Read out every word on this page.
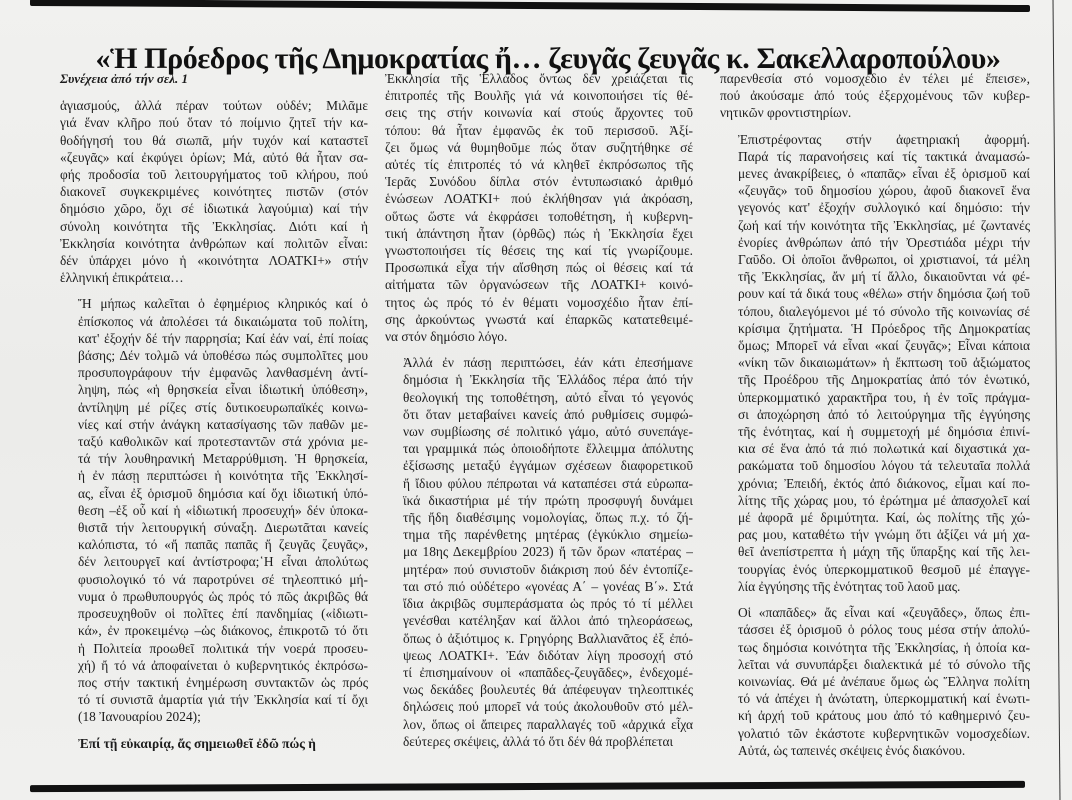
«Ἡ Πρόεδρος τῆς Δημοκρατίας ἤ… ζευγᾶς ζευγᾶς κ. Σακελλαροπούλου»
Συνέχεια ἀπό τήν σελ. 1
ἁγιασμούς, ἀλλά πέραν τούτων οὐδέν; Μιλᾶμε
γιά ἕναν κλῆρο πού ὅταν τό ποίμνιο ζητεῖ τήν κα-
θοδήγησή του θά σιωπᾶ, μήν τυχόν καί καταστεῖ
«ζευγᾶς» καί ἐκφύγει ὁρίων; Μά, αὐτό θά ἦταν σα-
φής προδοσία τοῦ λειτουργήματος τοῦ κλήρου, πού
διακονεῖ συγκεκριμένες κοινότητες πιστῶν (στόν
δημόσιο χῶρο, ὄχι σέ ἰδιωτικά λαγούμια) καί τήν
σύνολη κοινότητα τῆς Ἐκκλησίας. Διότι καί ἡ
Ἐκκλησία κοινότητα ἀνθρώπων καί πολιτῶν εἶναι:
δέν ὑπάρχει μόνο ἡ «κοινότητα ΛΟΑΤΚΙ+» στήν
ἑλληνική ἐπικράτεια…
Ἤ μήπως καλεῖται ὁ ἐφημέριος κληρικός καί ὁ
ἐπίσκοπος νά ἀπολέσει τά δικαιώματα τοῦ πολίτη,
κατ' ἐξοχήν δέ τήν παρρησία; Καί ἐάν ναί, ἐπί ποίας
βάσης; Δέν τολμῶ νά ὑποθέσω πώς συμπολῖτες μου
προσυπογράφουν τήν ἐμφανῶς λανθασμένη ἀντί-
ληψη, πώς «ἡ θρησκεία εἶναι ἰδιωτική ὑπόθεση»,
ἀντίληψη μέ ρίζες στίς δυτικοευρωπαϊκές κοινω-
νίες καί στήν ἀνάγκη κατασίγασης τῶν παθῶν με-
ταξύ καθολικῶν καί προτεσταντῶν στά χρόνια με-
τά τήν λουθηρανική Μεταρρύθμιση. Ἡ θρησκεία,
ἡ ἐν πάσῃ περιπτώσει ἡ κοινότητα τῆς Ἐκκλησί-
ας, εἶναι ἐξ ὁρισμοῦ δημόσια καί ὄχι ἰδιωτική ὑπό-
θεση –ἐξ οὗ καί ἡ «ἰδιωτική προσευχή» δέν ὑποκα-
θιστᾶ τήν λειτουργική σύναξη. Διερωτᾶται κανείς
καλόπιστα, τό «ἤ παπᾶς παπᾶς ἤ ζευγᾶς ζευγᾶς»,
δέν λειτουργεῖ καί ἀντίστροφα;῾Η εἶναι ἀπολύτως
φυσιολογικό τό νά παροτρύνει σέ τηλεοπτικό μή-
νυμα ὁ πρωθυπουργός ὡς πρός τό πῶς ἀκριβῶς θά
προσευχηθοῦν οἱ πολῖτες ἐπί πανδημίας («ἰδιωτι-
κά», ἐν προκειμένῳ –ὡς διάκονος, ἐπικροτῶ τό ὅτι
ἡ Πολιτεία προωθεῖ πολιτικά τήν νοερά προσευ-
χή) ἤ τό νά ἀποφαίνεται ὁ κυβερνητικός ἐκπρόσω-
πος στήν τακτική ἐνημέρωση συντακτῶν ὡς πρός
τό τί συνιστᾶ ἁμαρτία γιά τήν Ἐκκλησία καί τί ὄχι
(18 Ἰανουαρίου 2024);
Ἐπί τῇ εὐκαιρίᾳ, ἄς σημειωθεῖ ἐδῶ πώς ἡ
Ἐκκλησία τῆς Ἑλλάδος ὄντως δέν χρειάζεται τίς
ἐπιτροπές τῆς Βουλῆς γιά νά κοινοποιήσει τίς θέ-
σεις της στήν κοινωνία καί στούς ἄρχοντες τοῦ
τόπου: θά ἦταν ἐμφανῶς ἐκ τοῦ περισσοῦ. Ἀξί-
ζει ὅμως νά θυμηθοῦμε πώς ὅταν συζητήθηκε σέ
αὐτές τίς ἐπιτροπές τό νά κληθεῖ ἐκπρόσωπος τῆς
Ἱερᾶς Συνόδου δίπλα στόν ἐντυπωσιακό ἀριθμό
ἑνώσεων ΛΟΑΤΚΙ+ πού ἐκλήθησαν γιά ἀκρόαση,
οὕτως ὥστε νά ἐκφράσει τοποθέτηση, ἡ κυβερνη-
τική ἀπάντηση ἦταν (ὀρθῶς) πώς ἡ Ἐκκλησία ἔχει
γνωστοποιήσει τίς θέσεις της καί τίς γνωρίζουμε.
Προσωπικά εἶχα τήν αἴσθηση πώς οἱ θέσεις καί τά
αἰτήματα τῶν ὀργανώσεων τῆς ΛΟΑΤΚΙ+ κοινό-
τητος ὡς πρός τό ἐν θέματι νομοσχέδιο ἦταν ἐπί-
σης ἀρκούντως γνωστά καί ἐπαρκῶς κατατεθειμέ-
να στόν δημόσιο λόγο.
Ἀλλά ἐν πάσῃ περιπτώσει, ἐάν κάτι ἐπεσήμανε
δημόσια ἡ Ἐκκλησία τῆς Ἑλλάδος πέρα ἀπό τήν
θεολογική της τοποθέτηση, αὐτό εἶναι τό γεγονός
ὅτι ὅταν μεταβαίνει κανείς ἀπό ρυθμίσεις συμφώ-
νων συμβίωσης σέ πολιτικό γάμο, αὐτό συνεπάγε-
ται γραμμικά πώς ὁποιοδήποτε ἔλλειμμα ἀπόλυτης
ἐξίσωσης μεταξύ ἐγγάμων σχέσεων διαφορετικοῦ
ἤ ἴδιου φύλου πέπρωται νά καταπέσει στά εὐρωπα-
ϊκά δικαστήρια μέ τήν πρώτη προσφυγή δυνάμει
τῆς ἤδη διαθέσιμης νομολογίας, ὅπως π.χ. τό ζή-
τημα τῆς παρένθετης μητέρας (ἐγκύκλιο σημείω-
μα 18ης Δεκεμβρίου 2023) ἤ τῶν ὅρων «πατέρας –
μητέρα» πού συνιστοῦν διάκριση πού δέν ἐντοπίζε-
ται στό πιό οὐδέτερο «γονέας Α΄ – γονέας Β΄». Στά
ἴδια ἀκριβῶς συμπεράσματα ὡς πρός τό τί μέλλει
γενέσθαι κατέληξαν καί ἄλλοι ἀπό τηλεοράσεως,
ὅπως ὁ ἀξιότιμος κ. Γρηγόρης Βαλλιανᾶτος ἐξ ἐπό-
ψεως ΛΟΑΤΚΙ+. Ἐάν διδόταν λίγη προσοχή στό
τί ἐπισημαίνουν οἱ «παπᾶδες-ζευγᾶδες», ἐνδεχομέ-
νως δεκάδες βουλευτές θά ἀπέφευγαν τηλεοπτικές
δηλώσεις πού μπορεῖ νά τούς ἀκολουθοῦν στό μέλ-
λον, ὅπως οἱ ἄπειρες παραλλαγές τοῦ «ἀρχικά εἶχα
δεύτερες σκέψεις, ἀλλά τό ὅτι δέν θά προβλέπεται
παρενθεσία στό νομοσχέδιο ἐν τέλει μέ ἔπεισε»,
πού ἀκούσαμε ἀπό τούς ἐξερχομένους τῶν κυβερ-
νητικῶν φροντιστηρίων.
Ἐπιστρέφοντας στήν ἀφετηριακή ἀφορμή.
Παρά τίς παρανοήσεις καί τίς τακτικά ἀναμασώ-
μενες ἀνακρίβειες, ὁ «παπᾶς» εἶναι ἐξ ὁρισμοῦ καί
«ζευγᾶς» τοῦ δημοσίου χώρου, ἀφοῦ διακονεῖ ἕνα
γεγονός κατ' ἐξοχήν συλλογικό καί δημόσιο: τήν
ζωή καί τήν κοινότητα τῆς Ἐκκλησίας, μέ ζωντανές
ἐνορίες ἀνθρώπων ἀπό τήν Ὀρεστιάδα μέχρι τήν
Γαῦδο. Οἱ ὁποῖοι ἄνθρωποι, οἱ χριστιανοί, τά μέλη
τῆς Ἐκκλησίας, ἄν μή τί ἄλλο, δικαιοῦνται νά φέ-
ρουν καί τά δικά τους «θέλω» στήν δημόσια ζωή τοῦ
τόπου, διαλεγόμενοι μέ τό σύνολο τῆς κοινωνίας σέ
κρίσιμα ζητήματα. Ἡ Πρόεδρος τῆς Δημοκρατίας
ὅμως; Μπορεῖ νά εἶναι «καί ζευγᾶς»; Εἶναι κάποια
«νίκη τῶν δικαιωμάτων» ἡ ἔκπτωση τοῦ ἀξιώματος
τῆς Προέδρου τῆς Δημοκρατίας ἀπό τόν ἑνωτικό,
ὑπερκομματικό χαρακτῆρα του, ἡ ἐν τοῖς πράγμα-
σι ἀποχώρηση ἀπό τό λειτούργημα τῆς ἐγγύησης
τῆς ἑνότητας, καί ἡ συμμετοχή μέ δημόσια ἐπινί-
κια σέ ἕνα ἀπό τά πιό πολωτικά καί διχαστικά χα-
ρακώματα τοῦ δημοσίου λόγου τά τελευταῖα πολλά
χρόνια; Ἐπειδή, ἐκτός ἀπό διάκονος, εἶμαι καί πο-
λίτης τῆς χώρας μου, τό ἐρώτημα μέ ἀπασχολεῖ καί
μέ ἀφορᾶ μέ δριμύτητα. Καί, ὡς πολίτης τῆς χώ-
ρας μου, καταθέτω τήν γνώμη ὅτι ἀξίζει νά μή χα-
θεῖ ἀνεπίστρεπτα ἡ μάχη τῆς ὕπαρξης καί τῆς λει-
τουργίας ἑνός ὑπερκομματικοῦ θεσμοῦ μέ ἐπαγγε-
λία ἐγγύησης τῆς ἑνότητας τοῦ λαοῦ μας.
Οἱ «παπᾶδες» ἄς εἶναι καί «ζευγᾶδες», ὅπως ἐπι-
τάσσει ἐξ ὁρισμοῦ ὁ ρόλος τους μέσα στήν ἀπολύ-
τως δημόσια κοινότητα τῆς Ἐκκλησίας, ἡ ὁποία κα-
λεῖται νά συνυπάρξει διαλεκτικά μέ τό σύνολο τῆς
κοινωνίας. Θά μέ ἀνέπαυε ὅμως ὡς Ἕλληνα πολίτη
τό νά ἀπέχει ἡ ἀνώτατη, ὑπερκομματική καί ἑνωτι-
κή ἀρχή τοῦ κράτους μου ἀπό τό καθημερινό ζευ-
γολατιό τῶν ἑκάστοτε κυβερνητικῶν νομοσχεδίων.
Αὐτά, ὡς ταπεινές σκέψεις ἑνός διακόνου.
